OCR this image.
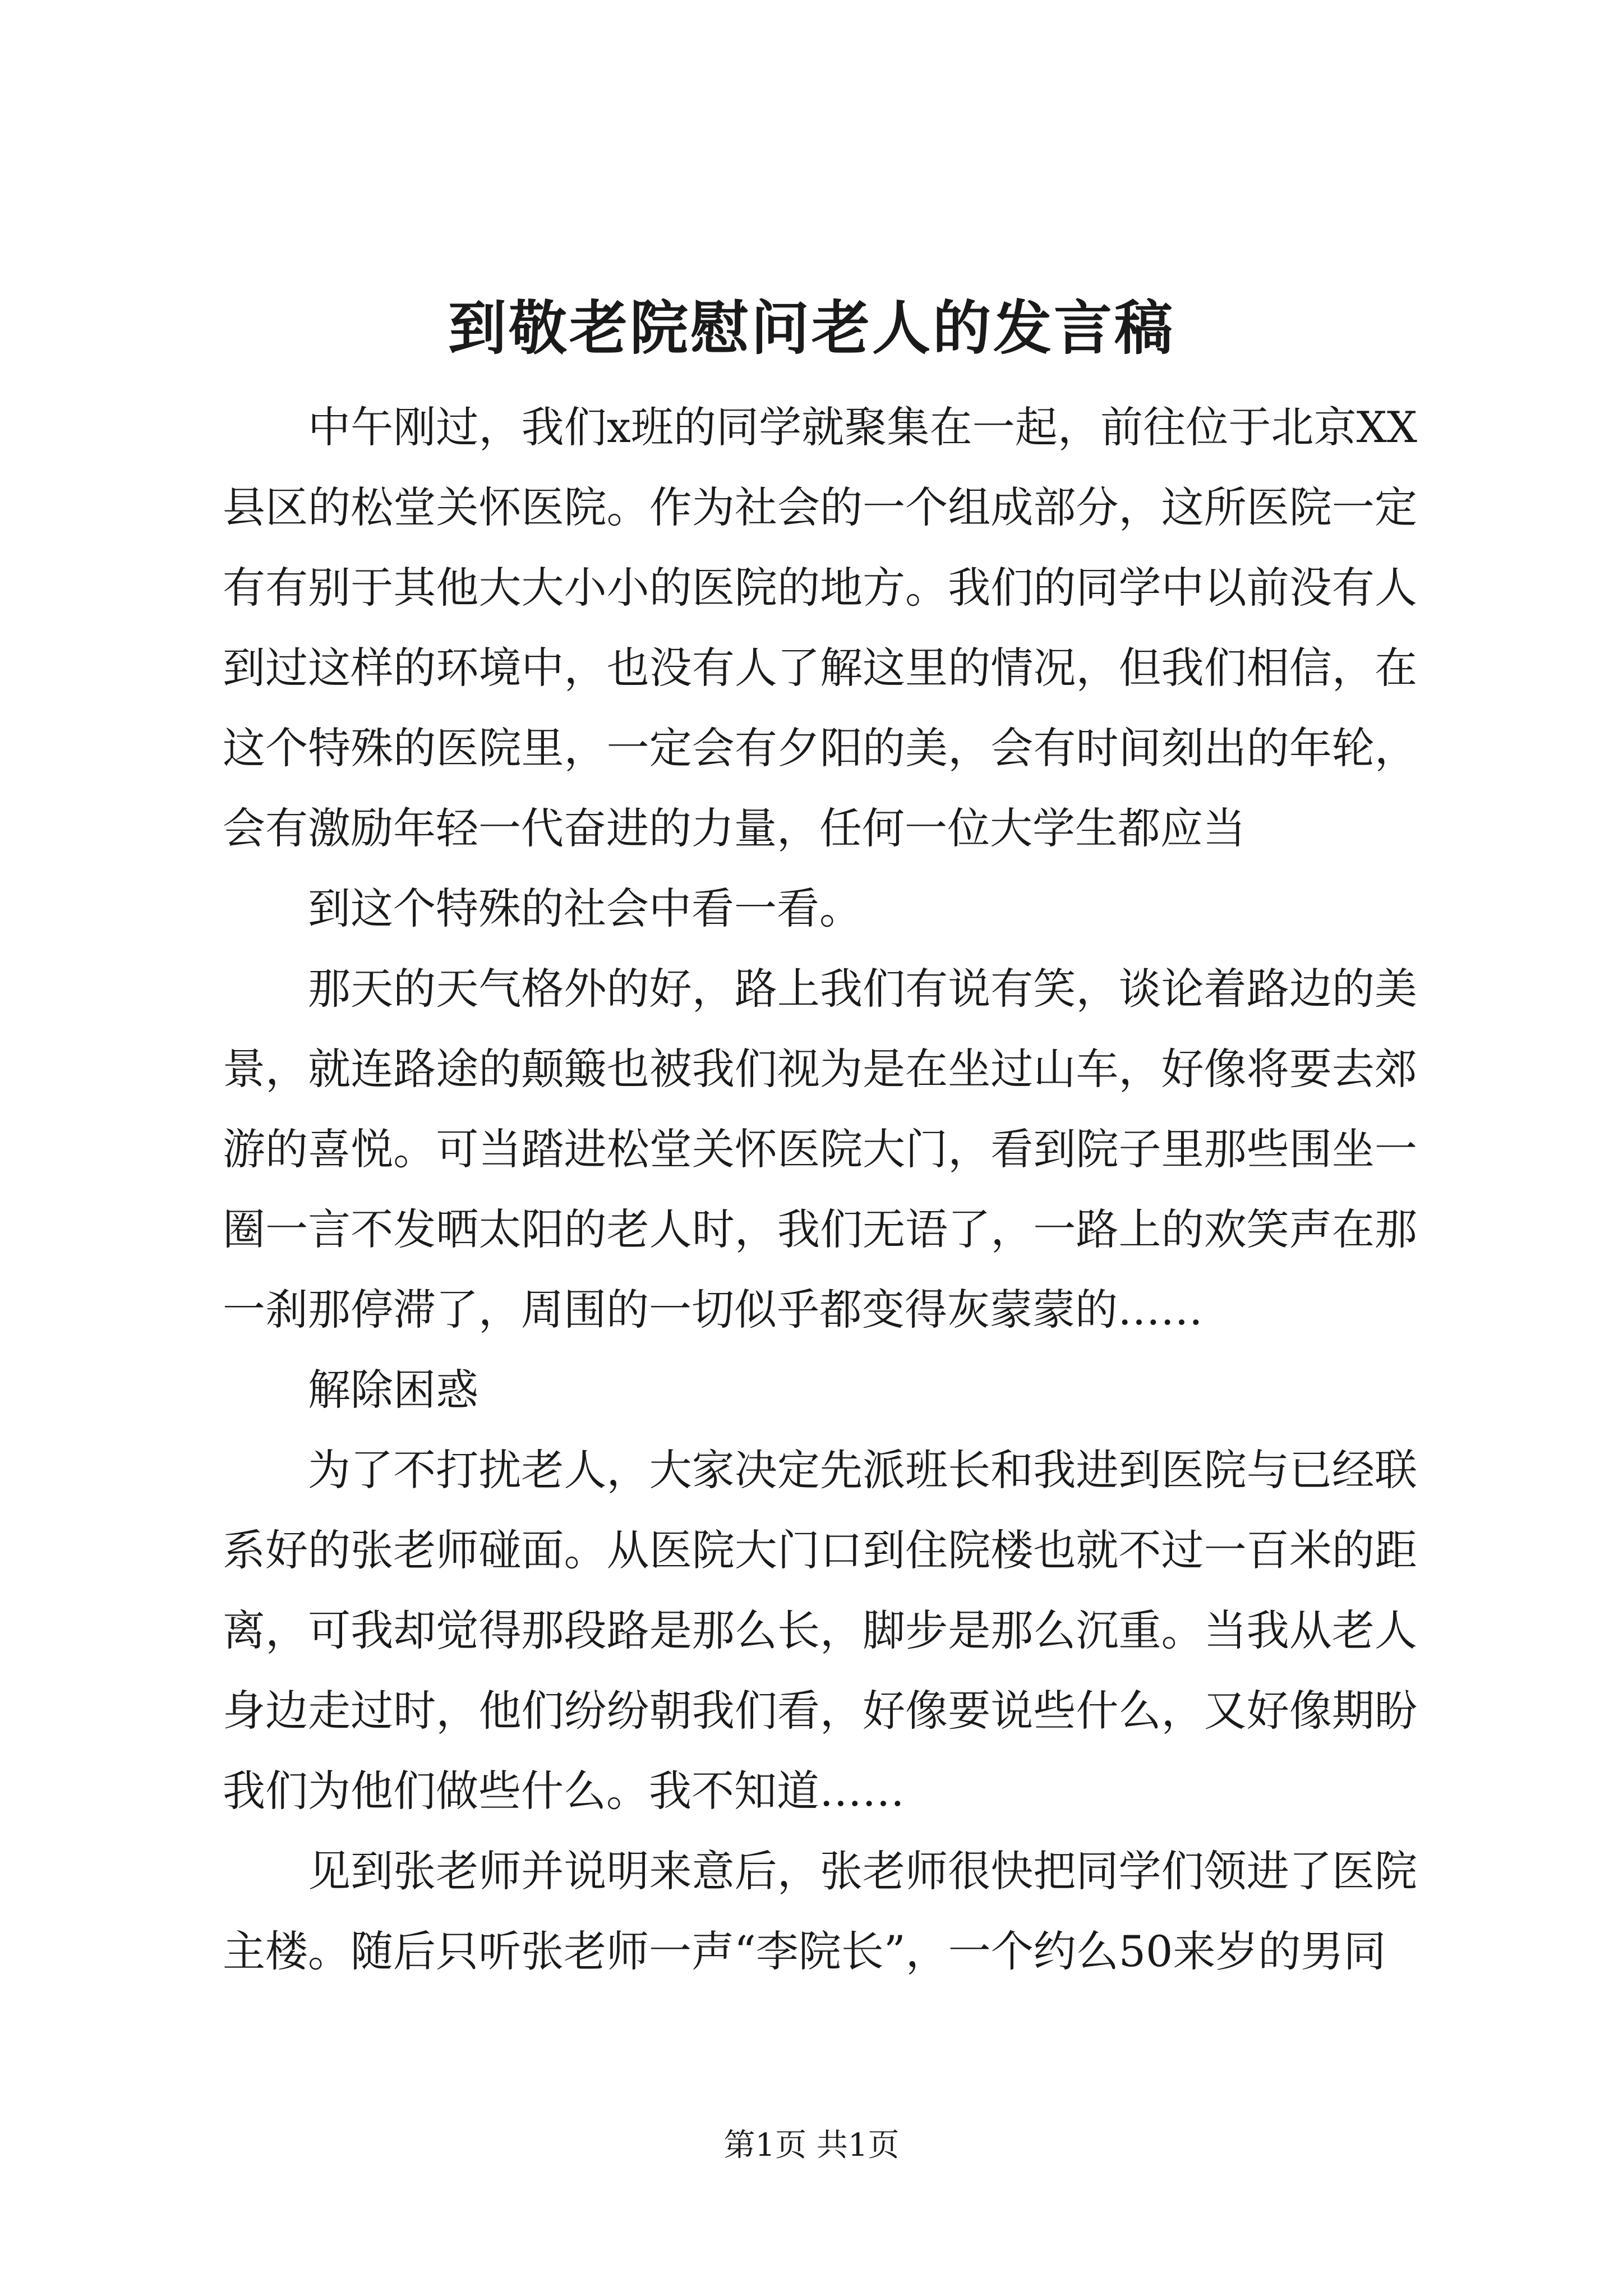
到敬老院慰问老人的发言稿

中午刚过，我们x班的同学就聚集在一起，前往位于北京XX县区的松堂关怀医院。作为社会的一个组成部分，这所医院一定有有别于其他大大小小的医院的地方。我们的同学中以前没有人到过这样的环境中，也没有人了解这里的情况，但我们相信，在这个特殊的医院里，一定会有夕阳的美，会有时间刻出的年轮，会有激励年轻一代奋进的力量，任何一位大学生都应当

到这个特殊的社会中看一看。

那天的天气格外的好，路上我们有说有笑，谈论着路边的美景，就连路途的颠簸也被我们视为是在坐过山车，好像将要去郊游的喜悦。可当踏进松堂关怀医院大门，看到院子里那些围坐一圈一言不发晒太阳的老人时，我们无语了，一路上的欢笑声在那一刹那停滞了，周围的一切似乎都变得灰蒙蒙的……

解除困惑

为了不打扰老人，大家决定先派班长和我进到医院与已经联系好的张老师碰面。从医院大门口到住院楼也就不过一百米的距离，可我却觉得那段路是那么长，脚步是那么沉重。当我从老人身边走过时，他们纷纷朝我们看，好像要说些什么，又好像期盼我们为他们做些什么。我不知道……

见到张老师并说明来意后，张老师很快把同学们领进了医院主楼。随后只听张老师一声“李院长”，一个约么50来岁的男同

第1页 共1页
